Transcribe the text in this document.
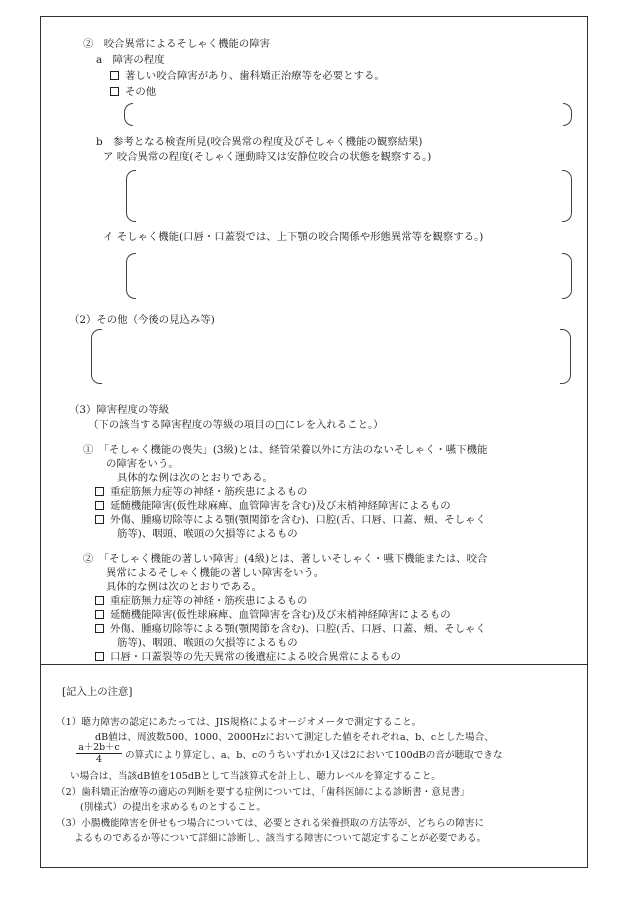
②　咬合異常によるそしゃく機能の障害
a　障害の程度
著しい咬合障害があり、歯科矯正治療等を必要とする。
その他
b　参考となる検査所見(咬合異常の程度及びそしゃく機能の観察結果)
ア 咬合異常の程度(そしゃく運動時又は安静位咬合の状態を観察する。)
イ そしゃく機能(口唇・口蓋裂では、上下顎の咬合関係や形態異常等を観察する。)
（2）その他（今後の見込み等)
（3）障害程度の等級
（下の該当する障害程度の等級の項目の□にレを入れること。）
①　「そしゃく機能の喪失」(3級)とは、経管栄養以外に方法のないそしゃく・嚥下機能
の障害をいう。
具体的な例は次のとおりである。
重症筋無力症等の神経・筋疾患によるもの
延髄機能障害(仮性球麻痺、血管障害を含む)及び末梢神経障害によるもの
外傷、腫瘍切除等による顎(顎関節を含む)、口腔(舌、口唇、口蓋、頬、そしゃく
筋等)、咽頭、喉頭の欠損等によるもの
②　「そしゃく機能の著しい障害」(4級)とは、著しいそしゃく・嚥下機能または、咬合
異常によるそしゃく機能の著しい障害をいう。
具体的な例は次のとおりである。
重症筋無力症等の神経・筋疾患によるもの
延髄機能障害(仮性球麻痺、血管障害を含む)及び末梢神経障害によるもの
外傷、腫瘍切除等による顎(顎関節を含む)、口腔(舌、口唇、口蓋、頬、そしゃく
筋等)、咽頭、喉頭の欠損等によるもの
口唇・口蓋裂等の先天異常の後遺症による咬合異常によるもの
[記入上の注意]
（1）聴力障害の認定にあたっては、JIS規格によるオージオメータで測定すること。
dB値は、周波数500、1000、2000Hzにおいて測定した値をそれぞれa、b、cとした場合、
$\frac{a+2b+c}{4}$ の算式により算定し、a、b、cのうちいずれか1又は2において100dBの音が聴取できな
い場合は、当該dB値を105dBとして当該算式を計上し、聴力レベルを算定すること。
（2）歯科矯正治療等の適応の判断を要する症例については、「歯科医師による診断書・意見書」
(別様式）の提出を求めるものとすること。
（3）小腸機能障害を併せもつ場合については、必要とされる栄養摂取の方法等が、どちらの障害に
よるものであるか等について詳細に診断し、該当する障害について認定することが必要である。
